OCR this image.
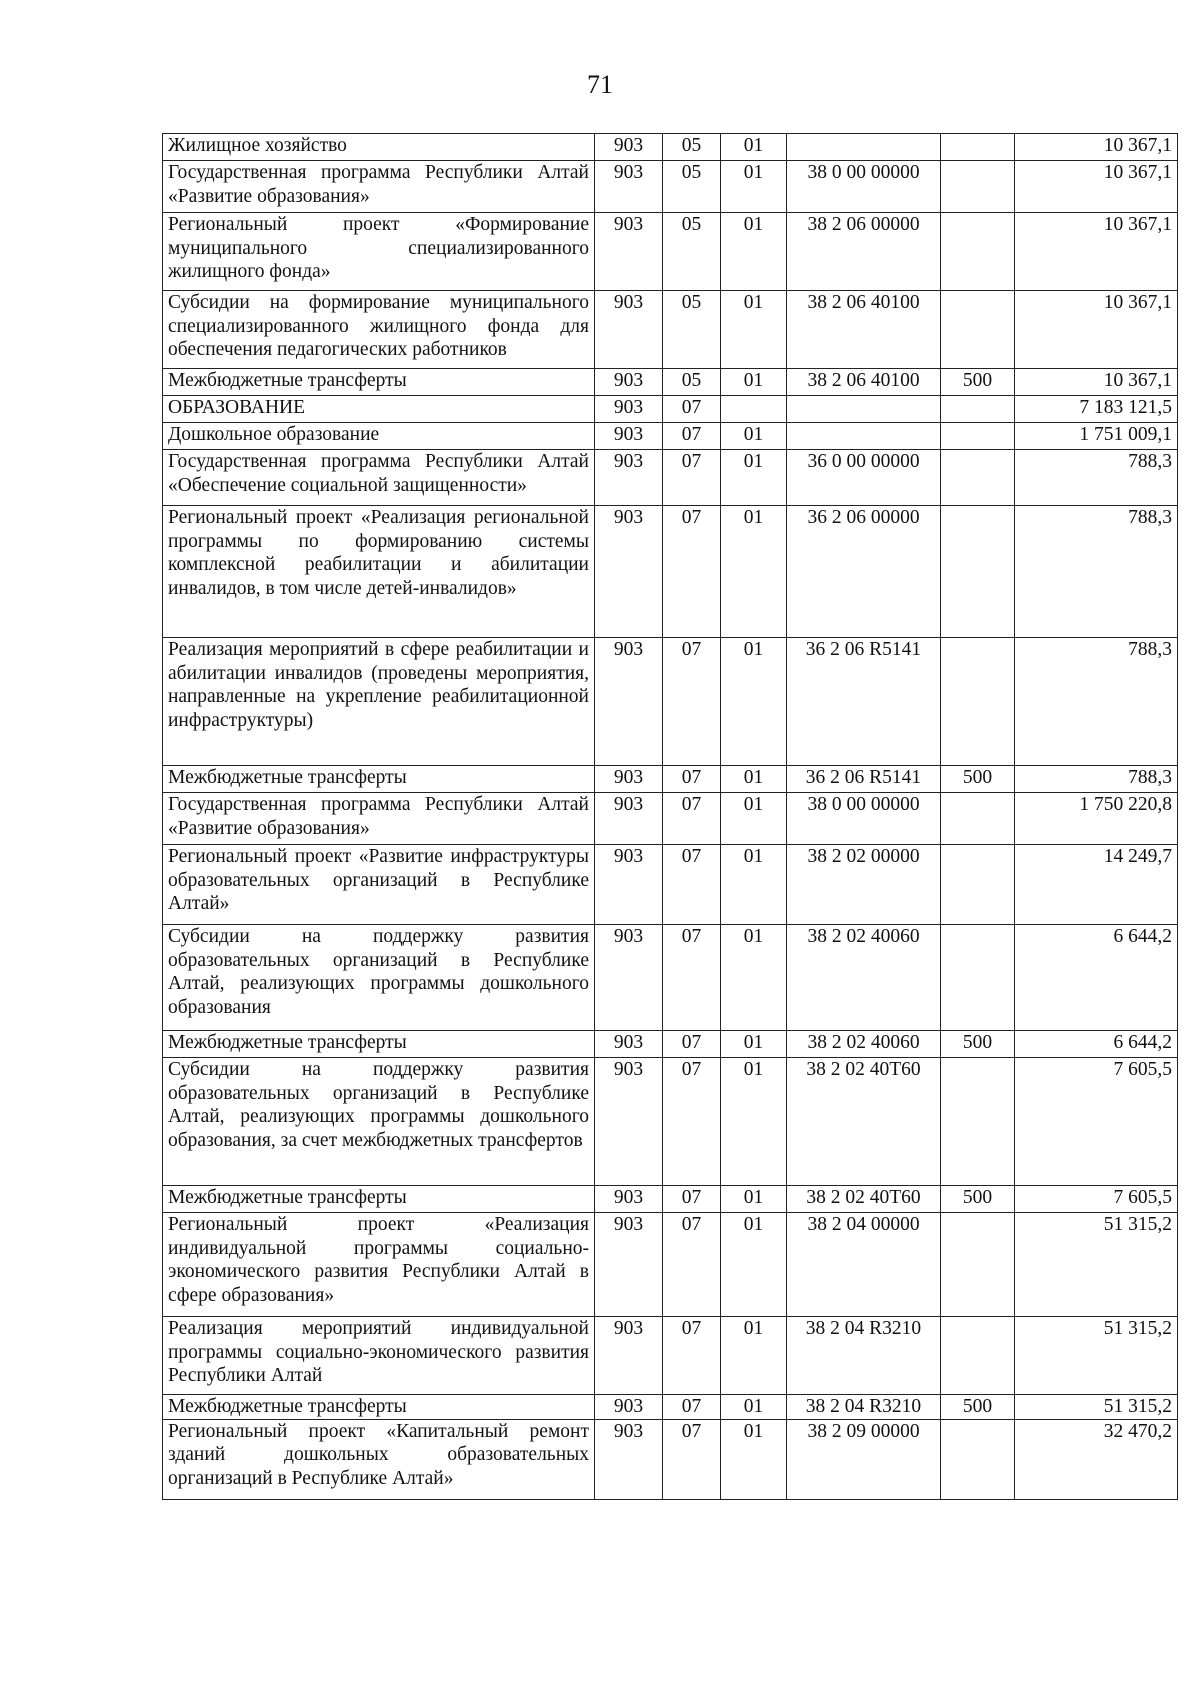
71
Жилищное хозяйство	903	05	01			10 367,1
Государственная программа Республики Алтай «Развитие образования»	903	05	01	38 0 00 00000		10 367,1
Региональный проект «Формирование муниципального специализированного жилищного фонда»	903	05	01	38 2 06 00000		10 367,1
Субсидии на формирование муниципального специализированного жилищного фонда для обеспечения педагогических работников	903	05	01	38 2 06 40100		10 367,1
Межбюджетные трансферты	903	05	01	38 2 06 40100	500	10 367,1
ОБРАЗОВАНИЕ	903	07				7 183 121,5
Дошкольное образование	903	07	01			1 751 009,1
Государственная программа Республики Алтай «Обеспечение социальной защищенности»	903	07	01	36 0 00 00000		788,3
Региональный проект «Реализация региональной программы по формированию системы комплексной реабилитации и абилитации инвалидов, в том числе детей-инвалидов»	903	07	01	36 2 06 00000		788,3
Реализация мероприятий в сфере реабилитации и абилитации инвалидов (проведены мероприятия, направленные на укрепление реабилитационной инфраструктуры)	903	07	01	36 2 06 R5141		788,3
Межбюджетные трансферты	903	07	01	36 2 06 R5141	500	788,3
Государственная программа Республики Алтай «Развитие образования»	903	07	01	38 0 00 00000		1 750 220,8
Региональный проект «Развитие инфраструктуры образовательных организаций в Республике Алтай»	903	07	01	38 2 02 00000		14 249,7
Субсидии на поддержку развития образовательных организаций в Республике Алтай, реализующих программы дошкольного образования	903	07	01	38 2 02 40060		6 644,2
Межбюджетные трансферты	903	07	01	38 2 02 40060	500	6 644,2
Субсидии на поддержку развития образовательных организаций в Республике Алтай, реализующих программы дошкольного образования, за счет межбюджетных трансфертов	903	07	01	38 2 02 40Т60		7 605,5
Межбюджетные трансферты	903	07	01	38 2 02 40Т60	500	7 605,5
Региональный проект «Реализация индивидуальной программы социально-экономического развития Республики Алтай в сфере образования»	903	07	01	38 2 04 00000		51 315,2
Реализация мероприятий индивидуальной программы социально-экономического развития Республики Алтай	903	07	01	38 2 04 R3210		51 315,2
Межбюджетные трансферты	903	07	01	38 2 04 R3210	500	51 315,2
Региональный проект «Капитальный ремонт зданий дошкольных образовательных организаций в Республике Алтай»	903	07	01	38 2 09 00000		32 470,2
